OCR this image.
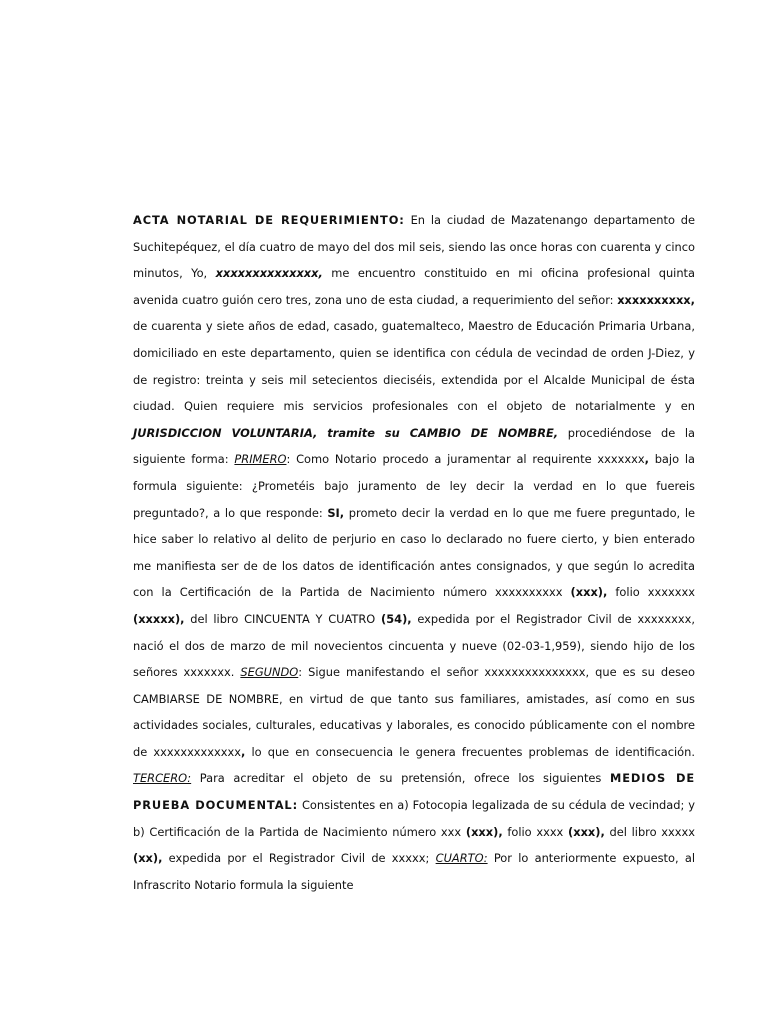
ACTA NOTARIAL DE REQUERIMIENTO: En la ciudad de Mazatenango departamento de Suchitepéquez, el día cuatro de mayo del dos mil seis, siendo las once horas con cuarenta y cinco minutos, Yo, xxxxxxxxxxxxxx, me encuentro constituido en mi oficina profesional quinta avenida cuatro guión cero tres, zona uno de esta ciudad, a requerimiento del señor: xxxxxxxxxx, de cuarenta y siete años de edad, casado, guatemalteco, Maestro de Educación Primaria Urbana, domiciliado en este departamento, quien se identifica con cédula de vecindad de orden J-Diez, y de registro: treinta y seis mil setecientos dieciséis, extendida por el Alcalde Municipal de ésta ciudad. Quien requiere mis servicios profesionales con el objeto de notarialmente y en JURISDICCION VOLUNTARIA, tramite su CAMBIO DE NOMBRE, procediéndose de la siguiente forma: PRIMERO: Como Notario procedo a juramentar al requirente xxxxxxx, bajo la formula siguiente: ¿Prometéis bajo juramento de ley decir la verdad en lo que fuereis preguntado?, a lo que responde: SI, prometo decir la verdad en lo que me fuere preguntado, le hice saber lo relativo al delito de perjurio en caso lo declarado no fuere cierto, y bien enterado me manifiesta ser de de los datos de identificación antes consignados, y que según lo acredita con la Certificación de la Partida de Nacimiento número xxxxxxxxxx (xxx), folio xxxxxxx (xxxxx), del libro CINCUENTA Y CUATRO (54), expedida por el Registrador Civil de xxxxxxxx, nació el dos de marzo de mil novecientos cincuenta y nueve (02-03-1,959), siendo hijo de los señores xxxxxxx. SEGUNDO: Sigue manifestando el señor xxxxxxxxxxxxxxx, que es su deseo CAMBIARSE DE NOMBRE, en virtud de que tanto sus familiares, amistades, así como en sus actividades sociales, culturales, educativas y laborales, es conocido públicamente con el nombre de xxxxxxxxxxxxx, lo que en consecuencia le genera frecuentes problemas de identificación. TERCERO: Para acreditar el objeto de su pretensión, ofrece los siguientes MEDIOS DE PRUEBA DOCUMENTAL: Consistentes en a) Fotocopia legalizada de su cédula de vecindad; y b) Certificación de la Partida de Nacimiento número xxx (xxx), folio xxxx (xxx), del libro xxxxx (xx), expedida por el Registrador Civil de xxxxx; CUARTO: Por lo anteriormente expuesto, al Infrascrito Notario formula la siguiente
